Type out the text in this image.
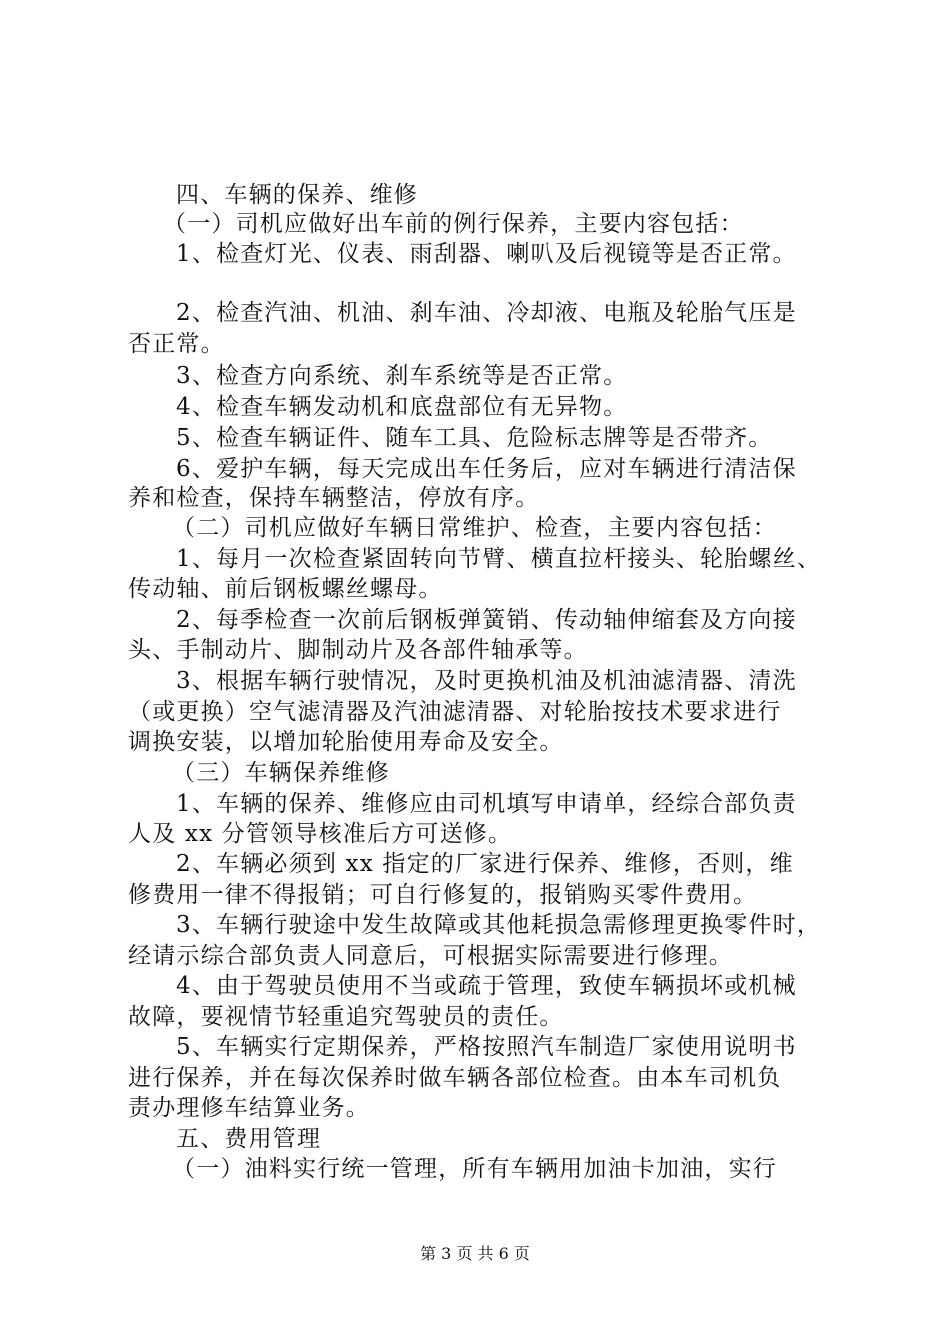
四、车辆的保养、维修
（一）司机应做好出车前的例行保养，主要内容包括：
1、检查灯光、仪表、雨刮器、喇叭及后视镜等是否正常。
2、检查汽油、机油、刹车油、冷却液、电瓶及轮胎气压是
否正常。
3、检查方向系统、刹车系统等是否正常。
4、检查车辆发动机和底盘部位有无异物。
5、检查车辆证件、随车工具、危险标志牌等是否带齐。
6、爱护车辆，每天完成出车任务后，应对车辆进行清洁保
养和检查，保持车辆整洁，停放有序。
（二）司机应做好车辆日常维护、检查，主要内容包括：
1、每月一次检查紧固转向节臂、横直拉杆接头、轮胎螺丝、
传动轴、前后钢板螺丝螺母。
2、每季检查一次前后钢板弹簧销、传动轴伸缩套及方向接
头、手制动片、脚制动片及各部件轴承等。
3、根据车辆行驶情况，及时更换机油及机油滤清器、清洗
（或更换）空气滤清器及汽油滤清器、对轮胎按技术要求进行
调换安装，以增加轮胎使用寿命及安全。
（三）车辆保养维修
1、车辆的保养、维修应由司机填写申请单，经综合部负责
人及 xx 分管领导核准后方可送修。
2、车辆必须到 xx 指定的厂家进行保养、维修，否则，维
修费用一律不得报销；可自行修复的，报销购买零件费用。
3、车辆行驶途中发生故障或其他耗损急需修理更换零件时，
经请示综合部负责人同意后，可根据实际需要进行修理。
4、由于驾驶员使用不当或疏于管理，致使车辆损坏或机械
故障，要视情节轻重追究驾驶员的责任。
5、车辆实行定期保养，严格按照汽车制造厂家使用说明书
进行保养，并在每次保养时做车辆各部位检查。由本车司机负
责办理修车结算业务。
五、费用管理
（一）油料实行统一管理，所有车辆用加油卡加油，实行
第 3 页 共 6 页
